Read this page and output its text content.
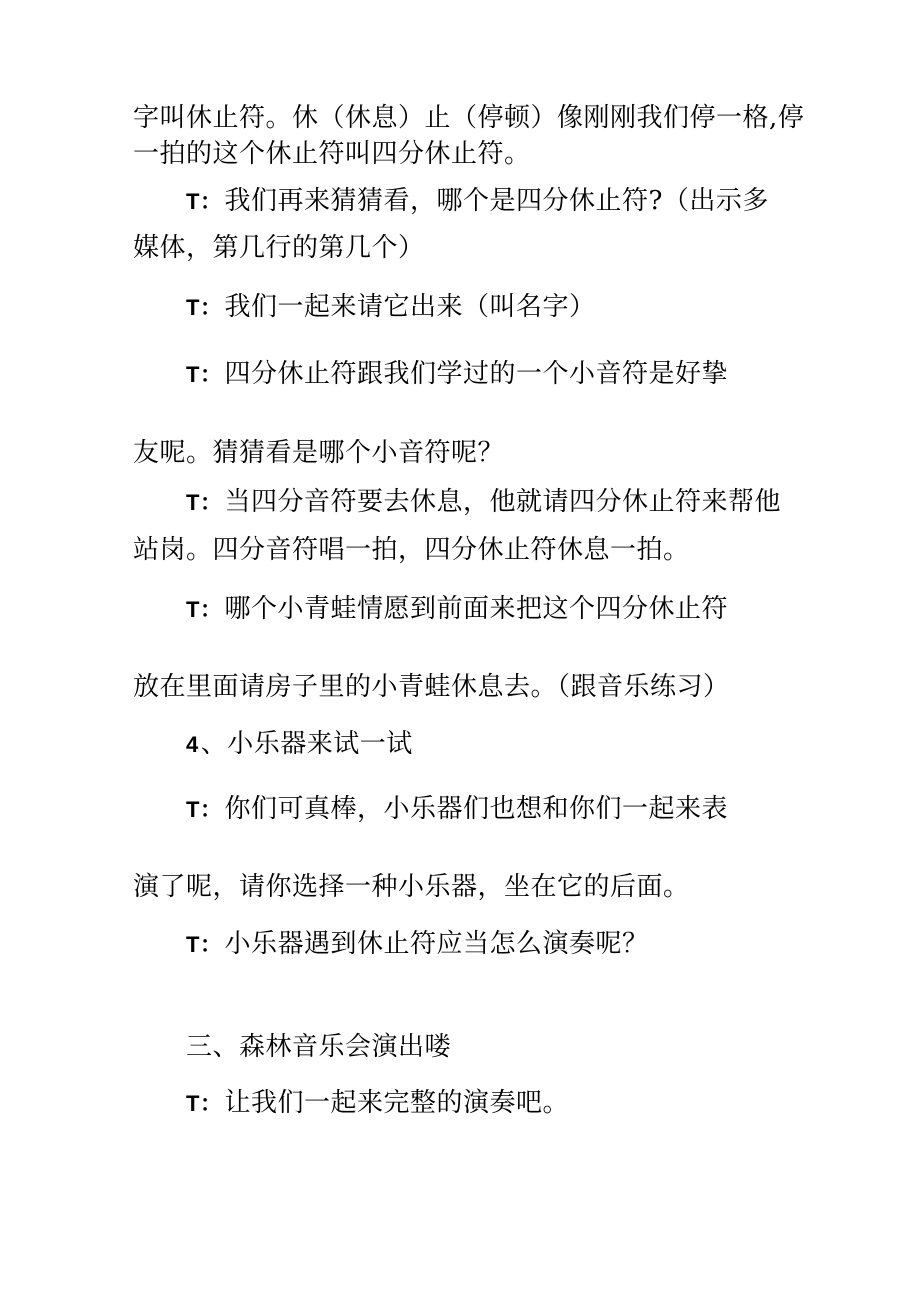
字叫休止符。休（休息）止（停顿）像刚刚我们停一格,停
一拍的这个休止符叫四分休止符。
T：我们再来猜猜看，哪个是四分休止符?（出示多
媒体，第几行的第几个）
T：我们一起来请它出来（叫名字）
T：四分休止符跟我们学过的一个小音符是好挚
友呢。猜猜看是哪个小音符呢？
T：当四分音符要去休息，他就请四分休止符来帮他
站岗。四分音符唱一拍，四分休止符休息一拍。
T：哪个小青蛙情愿到前面来把这个四分休止符
放在里面请房子里的小青蛙休息去。（跟音乐练习）
4、小乐器来试一试
T：你们可真棒，小乐器们也想和你们一起来表
演了呢，请你选择一种小乐器，坐在它的后面。
T：小乐器遇到休止符应当怎么演奏呢？
三、森林音乐会演出喽
T：让我们一起来完整的演奏吧。
